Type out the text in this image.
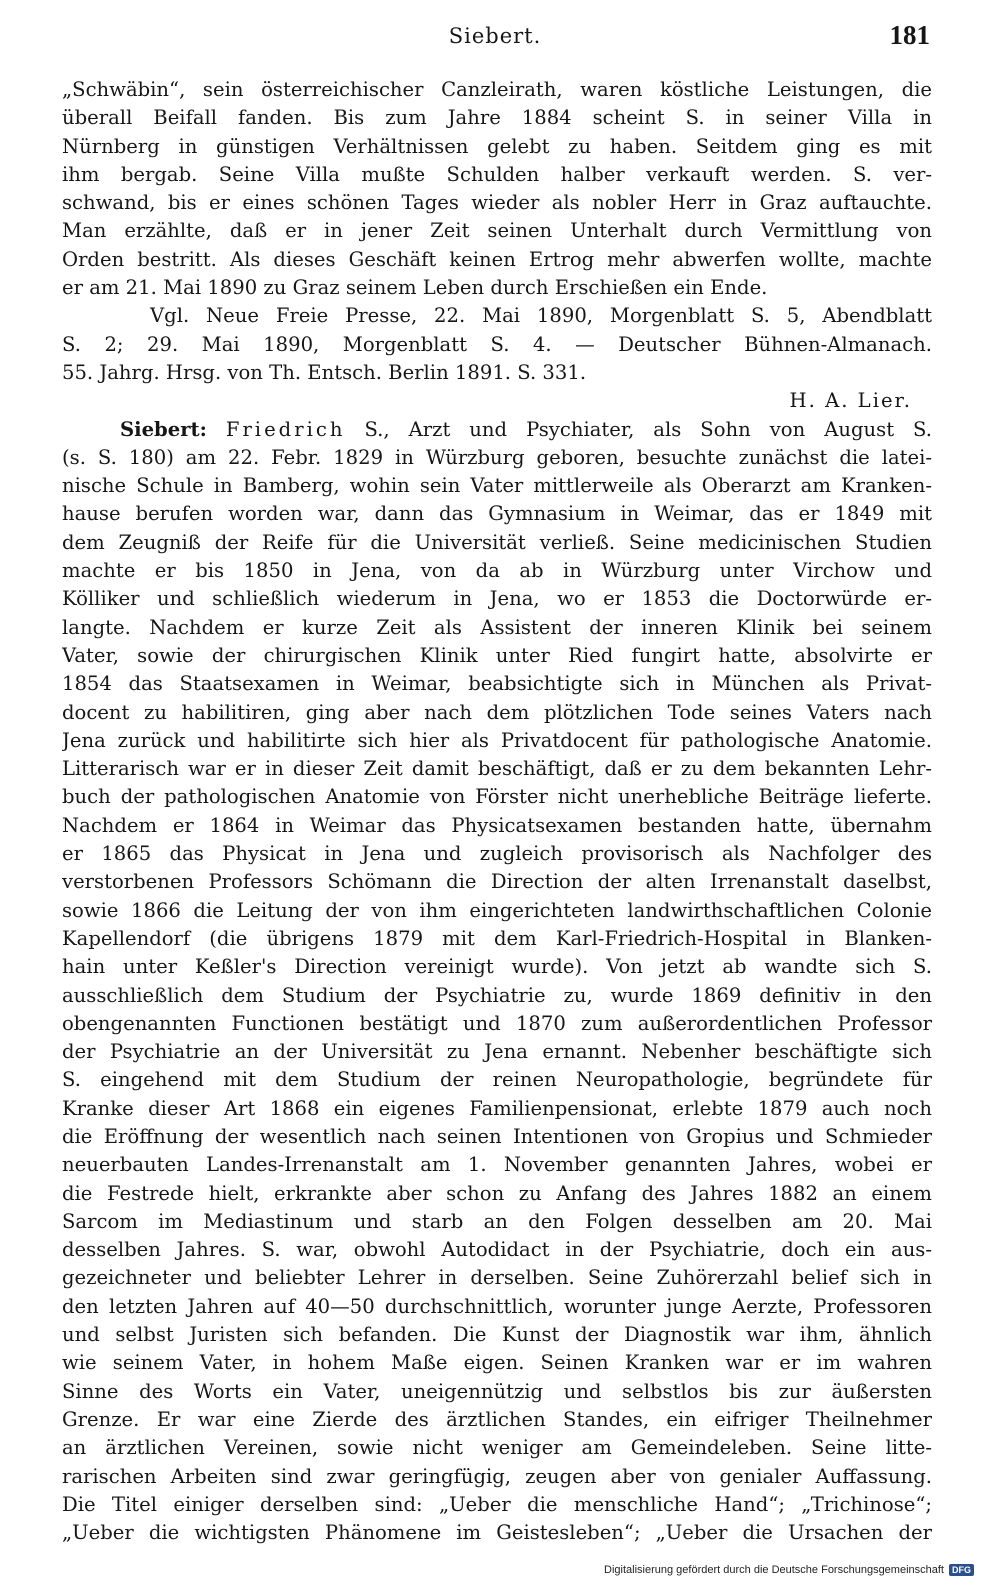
Siebert.	181
„Schwäbin“, sein österreichischer Canzleirath, waren köstliche Leistungen, die
überall Beifall fanden. Bis zum Jahre 1884 scheint S. in seiner Villa in
Nürnberg in günstigen Verhältnissen gelebt zu haben. Seitdem ging es mit
ihm bergab. Seine Villa mußte Schulden halber verkauft werden. S. ver-
schwand, bis er eines schönen Tages wieder als nobler Herr in Graz auftauchte.
Man erzählte, daß er in jener Zeit seinen Unterhalt durch Vermittlung von
Orden bestritt. Als dieses Geschäft keinen Ertrog mehr abwerfen wollte, machte
er am 21. Mai 1890 zu Graz seinem Leben durch Erschießen ein Ende.
Vgl. Neue Freie Presse, 22. Mai 1890, Morgenblatt S. 5, Abendblatt
S. 2; 29. Mai 1890, Morgenblatt S. 4. — Deutscher Bühnen-Almanach.
55. Jahrg. Hrsg. von Th. Entsch. Berlin 1891. S. 331.
H. A. Lier.
Siebert: Friedrich S., Arzt und Psychiater, als Sohn von August S.
(s. S. 180) am 22. Febr. 1829 in Würzburg geboren, besuchte zunächst die latei-
nische Schule in Bamberg, wohin sein Vater mittlerweile als Oberarzt am Kranken-
hause berufen worden war, dann das Gymnasium in Weimar, das er 1849 mit
dem Zeugniß der Reife für die Universität verließ. Seine medicinischen Studien
machte er bis 1850 in Jena, von da ab in Würzburg unter Virchow und
Kölliker und schließlich wiederum in Jena, wo er 1853 die Doctorwürde er-
langte. Nachdem er kurze Zeit als Assistent der inneren Klinik bei seinem
Vater, sowie der chirurgischen Klinik unter Ried fungirt hatte, absolvirte er
1854 das Staatsexamen in Weimar, beabsichtigte sich in München als Privat-
docent zu habilitiren, ging aber nach dem plötzlichen Tode seines Vaters nach
Jena zurück und habilitirte sich hier als Privatdocent für pathologische Anatomie.
Litterarisch war er in dieser Zeit damit beschäftigt, daß er zu dem bekannten Lehr-
buch der pathologischen Anatomie von Förster nicht unerhebliche Beiträge lieferte.
Nachdem er 1864 in Weimar das Physicatsexamen bestanden hatte, übernahm
er 1865 das Physicat in Jena und zugleich provisorisch als Nachfolger des
verstorbenen Professors Schömann die Direction der alten Irrenanstalt daselbst,
sowie 1866 die Leitung der von ihm eingerichteten landwirthschaftlichen Colonie
Kapellendorf (die übrigens 1879 mit dem Karl-Friedrich-Hospital in Blanken-
hain unter Keßler's Direction vereinigt wurde). Von jetzt ab wandte sich S.
ausschließlich dem Studium der Psychiatrie zu, wurde 1869 definitiv in den
obengenannten Functionen bestätigt und 1870 zum außerordentlichen Professor
der Psychiatrie an der Universität zu Jena ernannt. Nebenher beschäftigte sich
S. eingehend mit dem Studium der reinen Neuropathologie, begründete für
Kranke dieser Art 1868 ein eigenes Familienpensionat, erlebte 1879 auch noch
die Eröffnung der wesentlich nach seinen Intentionen von Gropius und Schmieder
neuerbauten Landes-Irrenanstalt am 1. November genannten Jahres, wobei er
die Festrede hielt, erkrankte aber schon zu Anfang des Jahres 1882 an einem
Sarcom im Mediastinum und starb an den Folgen desselben am 20. Mai
desselben Jahres. S. war, obwohl Autodidact in der Psychiatrie, doch ein aus-
gezeichneter und beliebter Lehrer in derselben. Seine Zuhörerzahl belief sich in
den letzten Jahren auf 40—50 durchschnittlich, worunter junge Aerzte, Professoren
und selbst Juristen sich befanden. Die Kunst der Diagnostik war ihm, ähnlich
wie seinem Vater, in hohem Maße eigen. Seinen Kranken war er im wahren
Sinne des Worts ein Vater, uneigennützig und selbstlos bis zur äußersten
Grenze. Er war eine Zierde des ärztlichen Standes, ein eifriger Theilnehmer
an ärztlichen Vereinen, sowie nicht weniger am Gemeindeleben. Seine litte-
rarischen Arbeiten sind zwar geringfügig, zeugen aber von genialer Auffassung.
Die Titel einiger derselben sind: „Ueber die menschliche Hand“; „Trichinose“;
„Ueber die wichtigsten Phänomene im Geistesleben“; „Ueber die Ursachen der
Digitalisierung gefördert durch die Deutsche Forschungsgemeinschaft DFG
